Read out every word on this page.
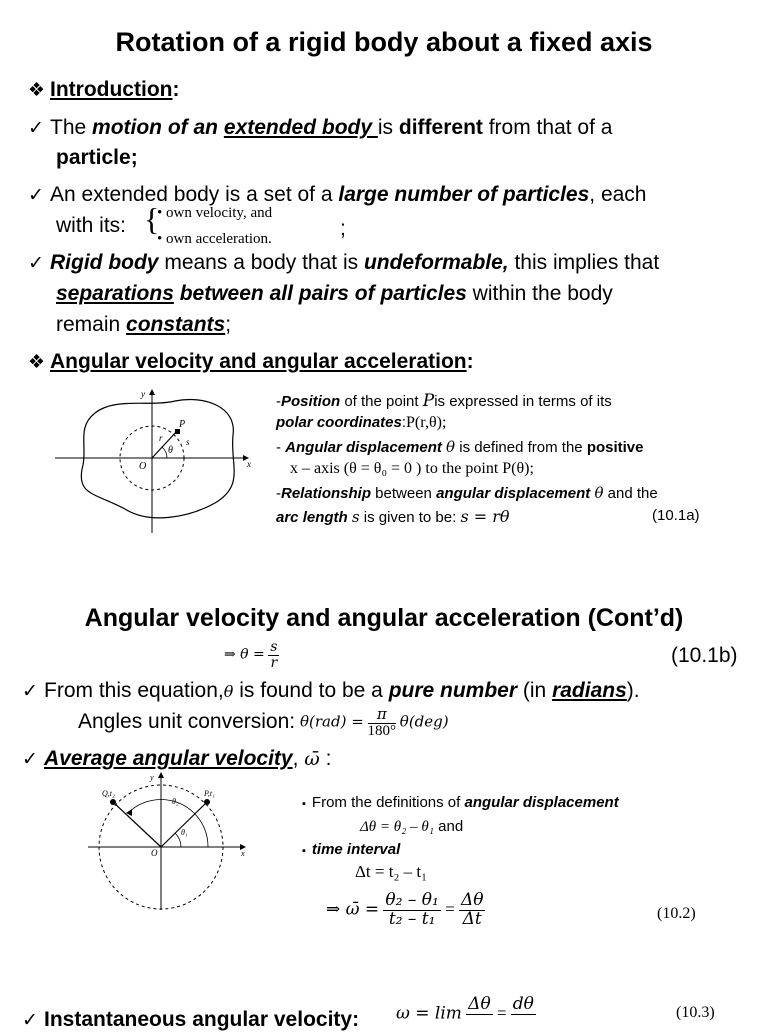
Rotation of a rigid body about a fixed axis
❖ Introduction:
✓ The motion of an extended body is different from that of a
particle;
✓ An extended body is a set of a large number of particles, each
with its: {
• own velocity, and
• own acceleration.	;
✓ Rigid body means a body that is undeformable, this implies that
separations between all pairs of particles within the body
remain constants;
❖ Angular velocity and angular acceleration:
x
y
O
P
r	s
θ
-Position of the point Pis expressed in terms of its
polar coordinates:P(r,θ);
- Angular displacement θ is defined from the positive
x – axis (θ = θ₀ = 0 ) to the point P(θ);
-Relationship between angular displacement θ and the
arc length s is given to be: s = rθ	(10.1a)
Angular velocity and angular acceleration (Cont’d)
⇒ $\theta = \frac{s}{r}$	(10.1b)
✓ From this equation,θ is found to be a pure number (in radians).
Angles unit conversion: $\theta(rad) = \frac{\pi}{180^\circ} \theta(deg)$
✓ Average angular velocity, ω̄ :
x
y
O
Q,t₂	P,t₁
θ₂
θ₁
▪ From the definitions of angular displacement
Δθ = θ₂ – θ₁ and
▪ time interval
Δt = t₂ – t₁
⇒ ω̄ = $\frac{\text{θ₂ – θ₁}}{\text{t₂ – t₁}} = \frac{\Delta\theta}{\Delta t}$	(10.2)
✓ Instantaneous angular velocity: ω = lim Δθ
= dθ
	(10.3)
